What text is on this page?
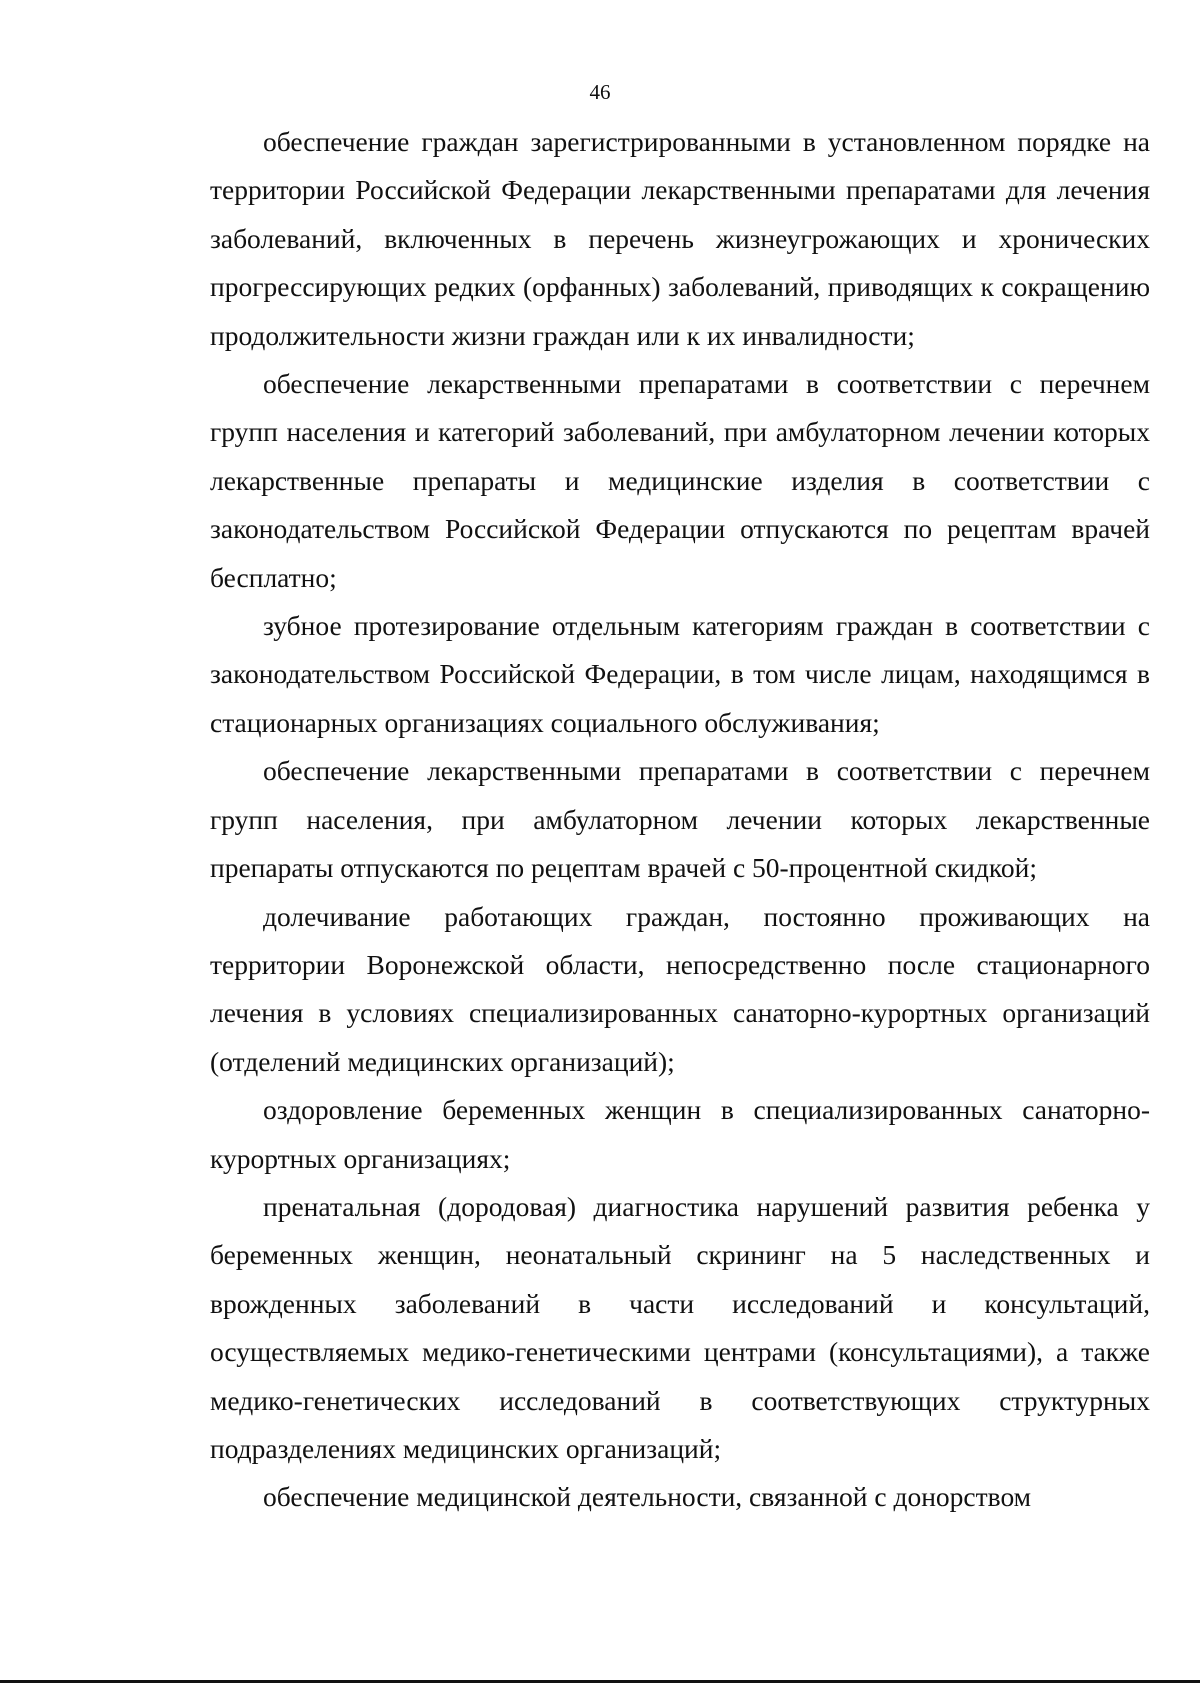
46

обеспечение граждан зарегистрированными в установленном порядке на территории Российской Федерации лекарственными препаратами для лечения заболеваний, включенных в перечень жизнеугрожающих и хронических прогрессирующих редких (орфанных) заболеваний, приводящих к сокращению продолжительности жизни граждан или к их инвалидности;

обеспечение лекарственными препаратами в соответствии с перечнем групп населения и категорий заболеваний, при амбулаторном лечении которых лекарственные препараты и медицинские изделия в соответствии с законодательством Российской Федерации отпускаются по рецептам врачей бесплатно;

зубное протезирование отдельным категориям граждан в соответствии с законодательством Российской Федерации, в том числе лицам, находящимся в стационарных организациях социального обслуживания;

обеспечение лекарственными препаратами в соответствии с перечнем групп населения, при амбулаторном лечении которых лекарственные препараты отпускаются по рецептам врачей с 50-процентной скидкой;

долечивание работающих граждан, постоянно проживающих на территории Воронежской области, непосредственно после стационарного лечения в условиях специализированных санаторно-курортных организаций (отделений медицинских организаций);

оздоровление беременных женщин в специализированных санаторно-курортных организациях;

пренатальная (дородовая) диагностика нарушений развития ребенка у беременных женщин, неонатальный скрининг на 5 наследственных и врожденных заболеваний в части исследований и консультаций, осуществляемых медико-генетическими центрами (консультациями), а также медико-генетических исследований в соответствующих структурных подразделениях медицинских организаций;

обеспечение медицинской деятельности, связанной с донорством
